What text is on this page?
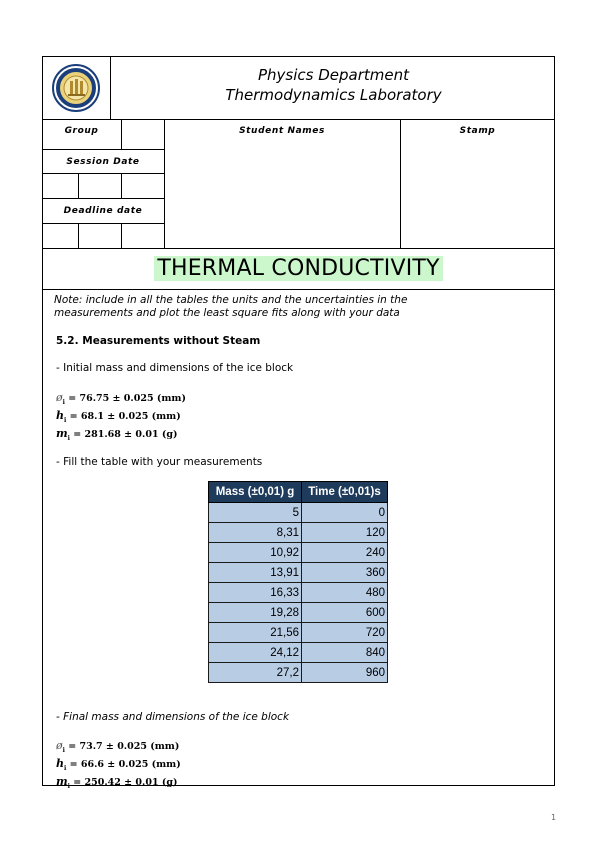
Physics Department
Thermodynamics Laboratory
Group
Session Date
Deadline date
Student Names	Stamp
THERMAL CONDUCTIVITY
Note: include in all the tables the units and the uncertainties in the measurements and plot the least square fits along with your data
5.2. Measurements without Steam
- Initial mass and dimensions of the ice block
$ø_i = 76.75 \pm 0.025$ (mm)
$h_i = 68.1 \pm 0.025$ (mm)
$m_i = 281.68 \pm 0.01$ (g)
- Fill the table with your measurements
Mass (±0,01) g	Time (±0,01)s
5	0
8,31	120
10,92	240
13,91	360
16,33	480
19,28	600
21,56	720
24,12	840
27,2	960
- Final mass and dimensions of the ice block
$ø_i = 73.7 \pm 0.025$ (mm)
$h_i = 66.6 \pm 0.025$ (mm)
$m_i = 250.42 \pm 0.01$ (g)
1
